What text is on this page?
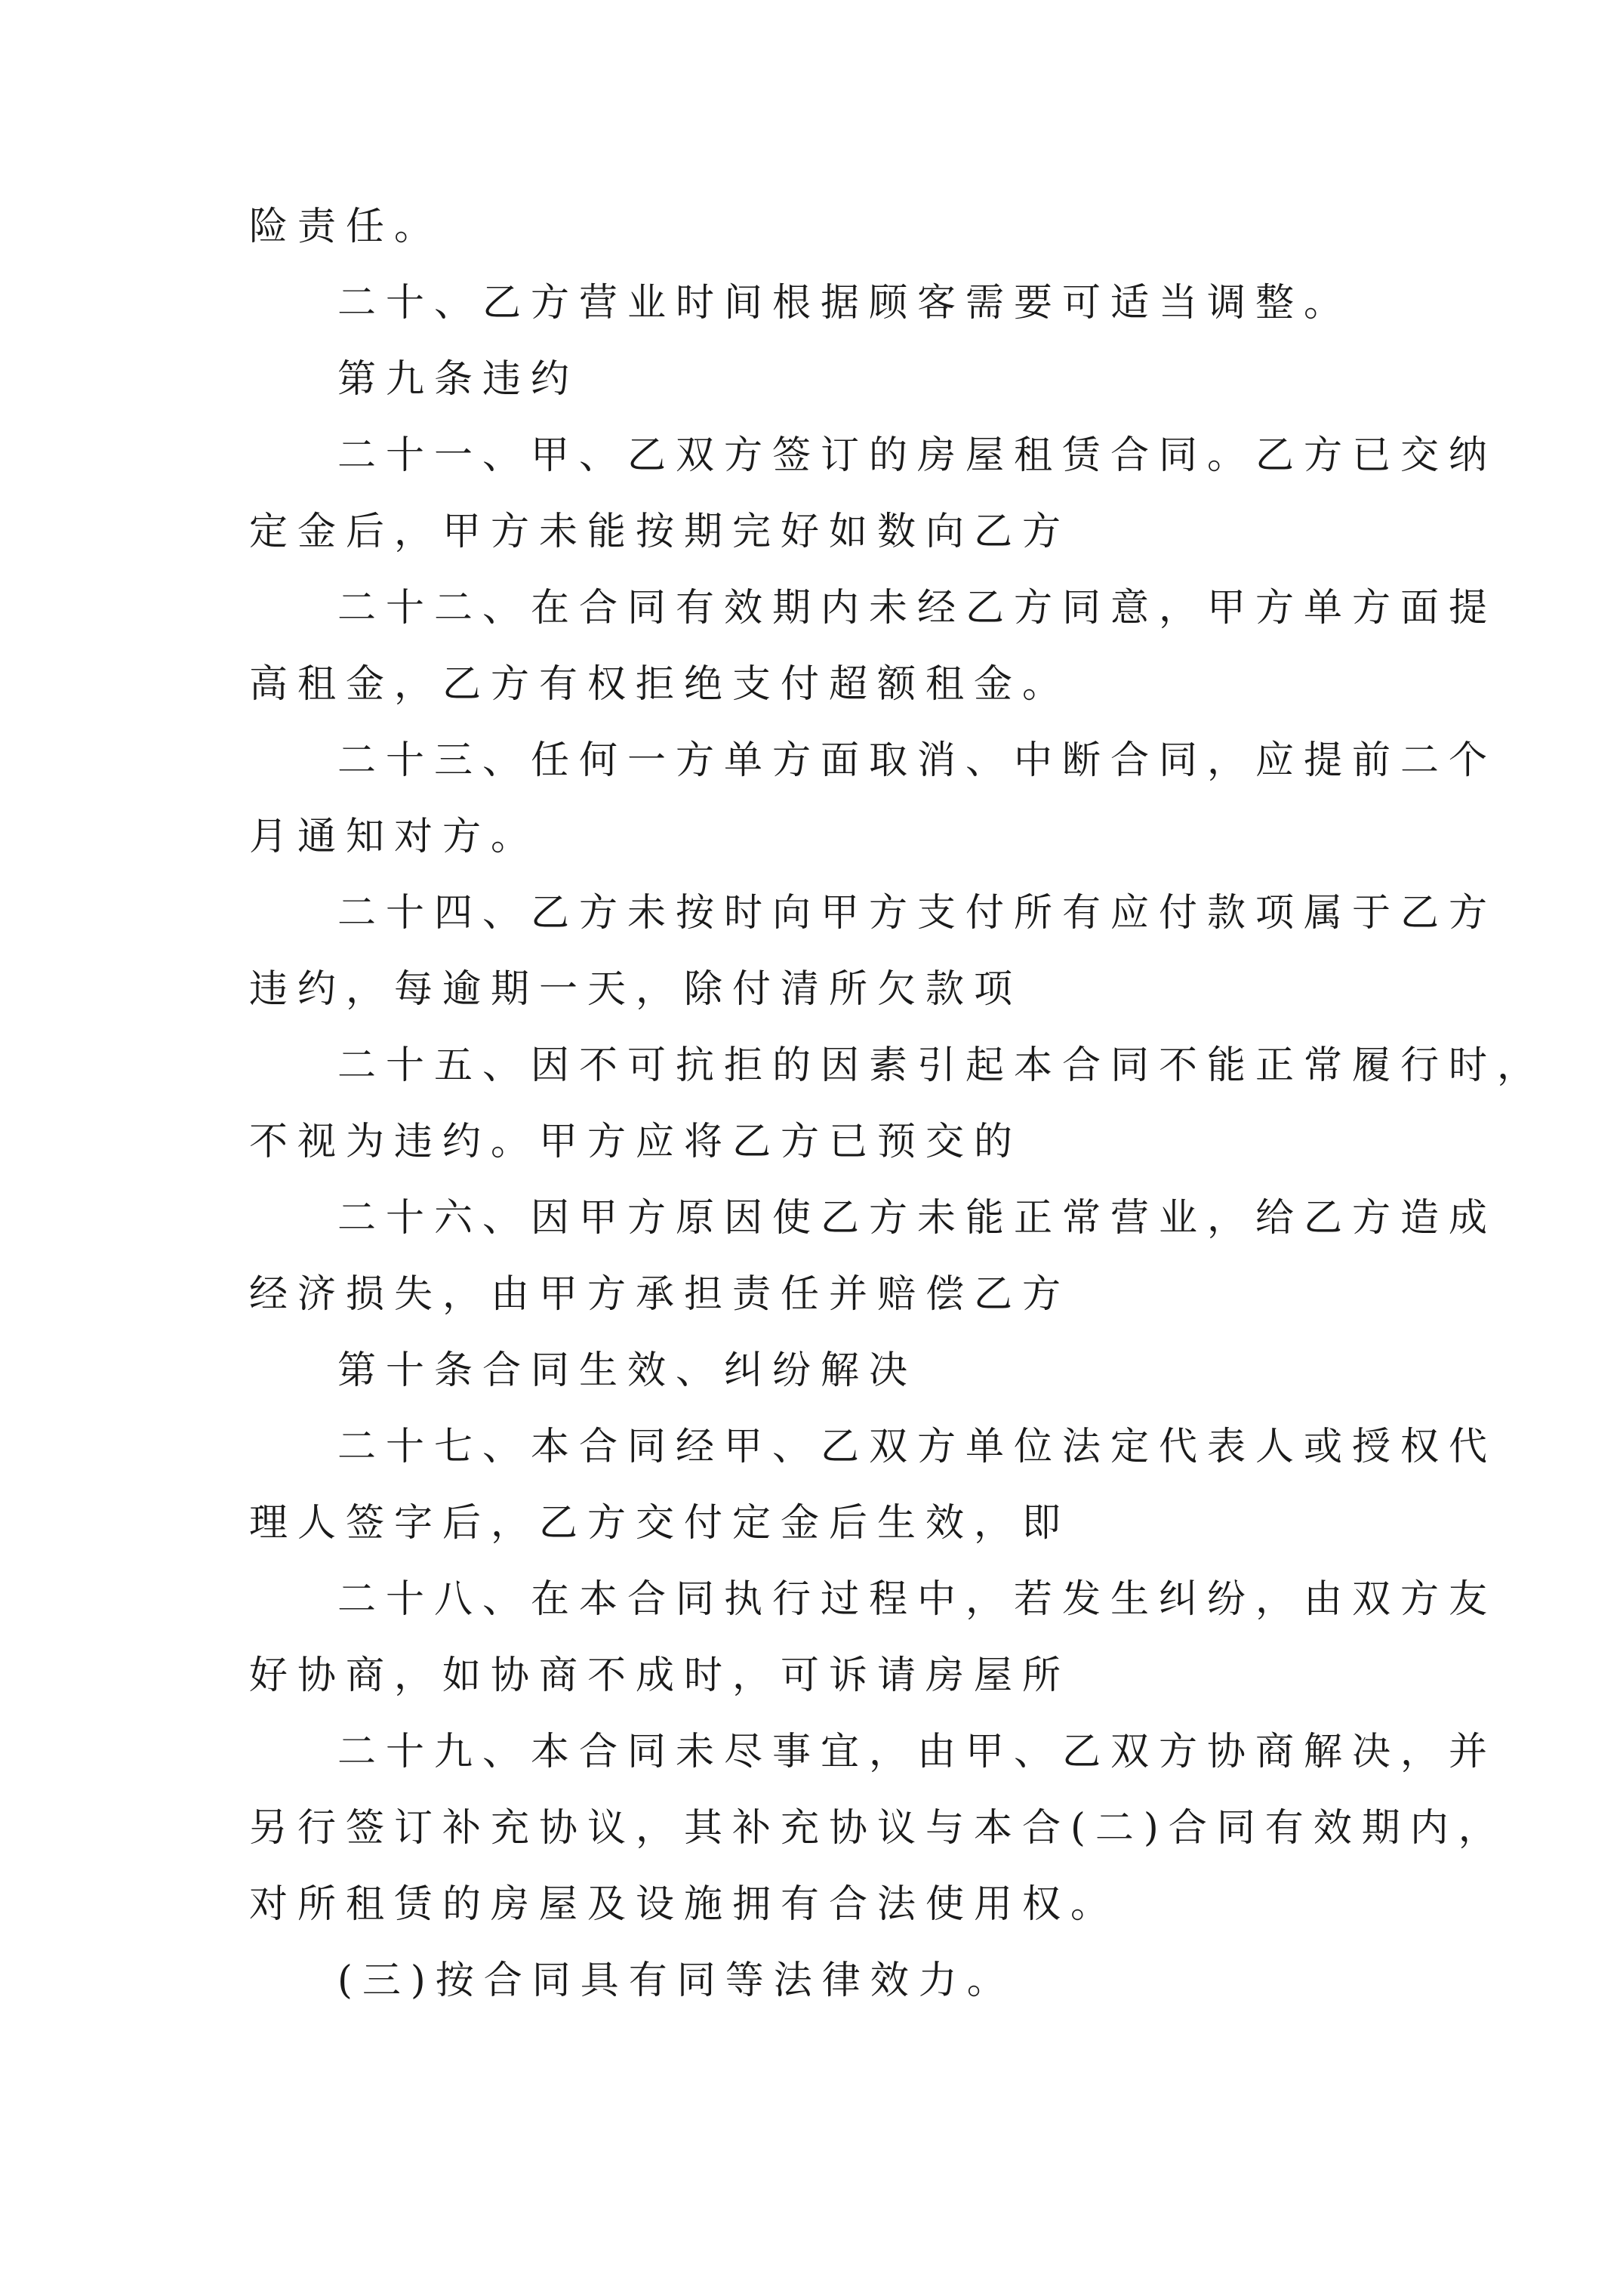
险责任。
二十、乙方营业时间根据顾客需要可适当调整。
第九条违约
二十一、甲、乙双方签订的房屋租赁合同。乙方已交纳
定金后，甲方未能按期完好如数向乙方
二十二、在合同有效期内未经乙方同意，甲方单方面提
高租金，乙方有权拒绝支付超额租金。
二十三、任何一方单方面取消、中断合同，应提前二个
月通知对方。
二十四、乙方未按时向甲方支付所有应付款项属于乙方
违约，每逾期一天，除付清所欠款项
二十五、因不可抗拒的因素引起本合同不能正常履行时，
不视为违约。甲方应将乙方已预交的
二十六、因甲方原因使乙方未能正常营业，给乙方造成
经济损失，由甲方承担责任并赔偿乙方
第十条合同生效、纠纷解决
二十七、本合同经甲、乙双方单位法定代表人或授权代
理人签字后，乙方交付定金后生效，即
二十八、在本合同执行过程中，若发生纠纷，由双方友
好协商，如协商不成时，可诉请房屋所
二十九、本合同未尽事宜，由甲、乙双方协商解决，并
另行签订补充协议，其补充协议与本合(二)合同有效期内，
对所租赁的房屋及设施拥有合法使用权。
(三)按合同具有同等法律效力。
